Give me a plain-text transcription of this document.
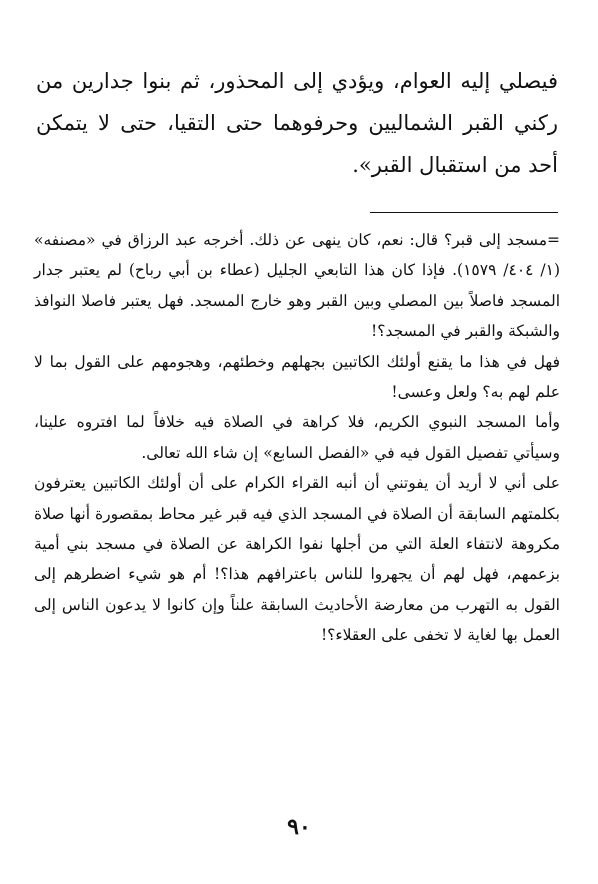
فيصلي إليه العوام، ويؤدي إلى المحذور، ثم بنوا جدارين من ركني القبر الشماليين وحرفوهما حتى التقيا، حتى لا يتمكن أحد من استقبال القبر».

=مسجد إلى قبر؟ قال: نعم، كان ينهى عن ذلك. أخرجه عبد الرزاق في «مصنفه» (١/ ٤٠٤/ ١٥٧٩). فإذا كان هذا التابعي الجليل (عطاء بن أبي رباح) لم يعتبر جدار المسجد فاصلاً بين المصلي وبين القبر وهو خارج المسجد. فهل يعتبر فاصلا النوافذ والشبكة والقبر في المسجد؟!

فهل في هذا ما يقنع أولئك الكاتبين بجهلهم وخطئهم، وهجومهم على القول بما لا علم لهم به؟ ولعل وعسى!

وأما المسجد النبوي الكريم، فلا كراهة في الصلاة فيه خلافاً لما افتروه علينا، وسيأتي تفصيل القول فيه في «الفصل السابع» إن شاء الله تعالى.

على أني لا أريد أن يفوتني أن أنبه القراء الكرام على أن أولئك الكاتبين يعترفون بكلمتهم السابقة أن الصلاة في المسجد الذي فيه قبر غير محاط بمقصورة أنها صلاة مكروهة لانتفاء العلة التي من أجلها نفوا الكراهة عن الصلاة في مسجد بني أمية بزعمهم، فهل لهم أن يجهروا للناس باعترافهم هذا؟! أم هو شيء اضطرهم إلى القول به التهرب من معارضة الأحاديث السابقة علناً وإن كانوا لا يدعون الناس إلى العمل بها لغاية لا تخفى على العقلاء؟!

٩٠
